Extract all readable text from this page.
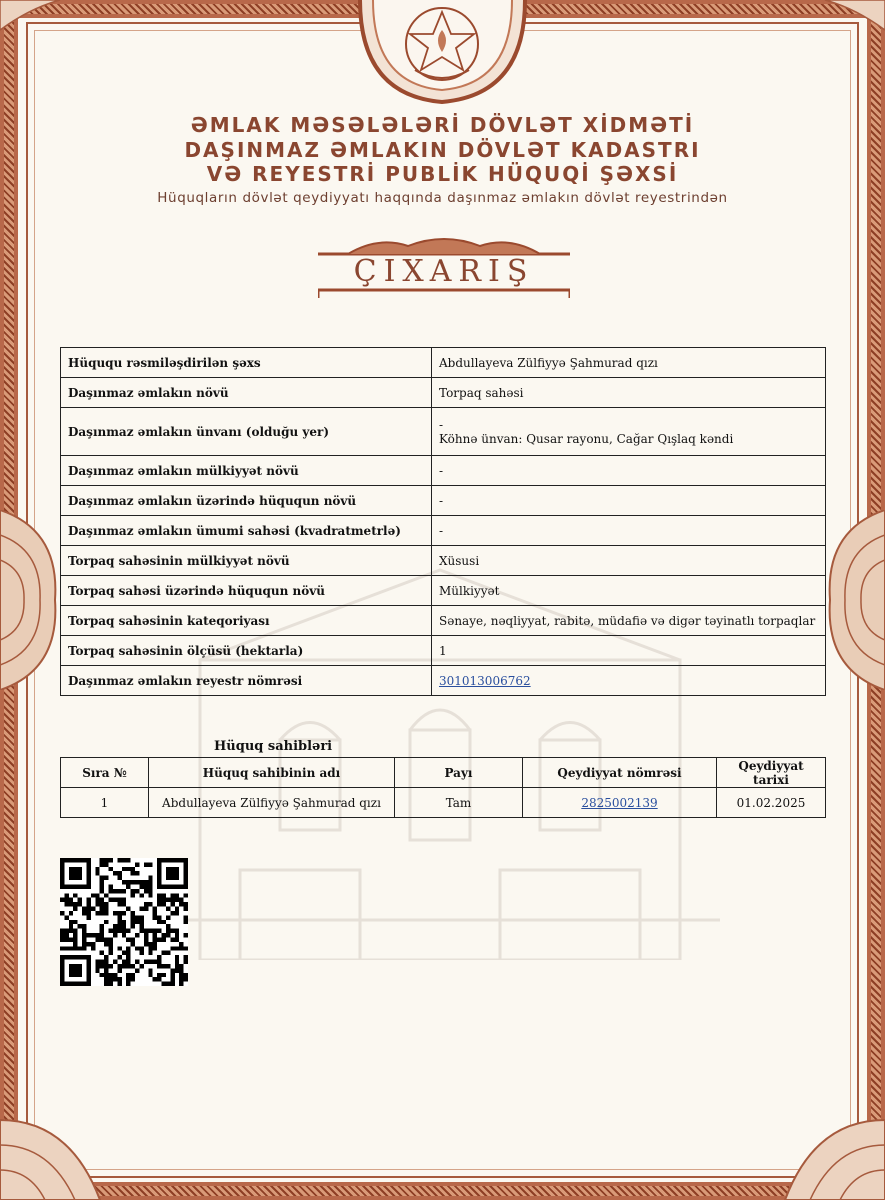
ƏMLAK MƏSƏLƏLƏRİ DÖVLƏT XİDMƏTİ
DAŞINMAZ ƏMLAKIN DÖVLƏT KADASTRI
VƏ REYESTRİ PUBLİK HÜQUQİ ŞƏXSİ
Hüquqların dövlət qeydiyyatı haqqında daşınmaz əmlakın dövlət reyestrindən
ÇIXARIŞ
Hüququ rəsmiləşdirilən şəxs	Abdullayeva Zülfiyyə Şahmurad qızı
Daşınmaz əmlakın növü	Torpaq sahəsi
Daşınmaz əmlakın ünvanı (olduğu yer)	-
Köhnə ünvan: Qusar rayonu, Cağar Qışlaq kəndi

Daşınmaz əmlakın mülkiyyət növü	-
Daşınmaz əmlakın üzərində hüququn növü	-
Daşınmaz əmlakın ümumi sahəsi (kvadratmetrlə)	-
Torpaq sahəsinin mülkiyyət növü	Xüsusi
Torpaq sahəsi üzərində hüququn növü	Mülkiyyət
Torpaq sahəsinin kateqoriyası	Sənaye, nəqliyyat, rabitə, müdafiə və digər təyinatlı torpaqlar
Torpaq sahəsinin ölçüsü (hektarla)	1
Daşınmaz əmlakın reyestr nömrəsi	301013006762
Hüquq sahibləri
Sıra №	Hüquq sahibinin adı	Payı	Qeydiyyat nömrəsi	Qeydiyyat tarixi
1	Abdullayeva Zülfiyyə Şahmurad qızı	Tam	2825002139	01.02.2025
